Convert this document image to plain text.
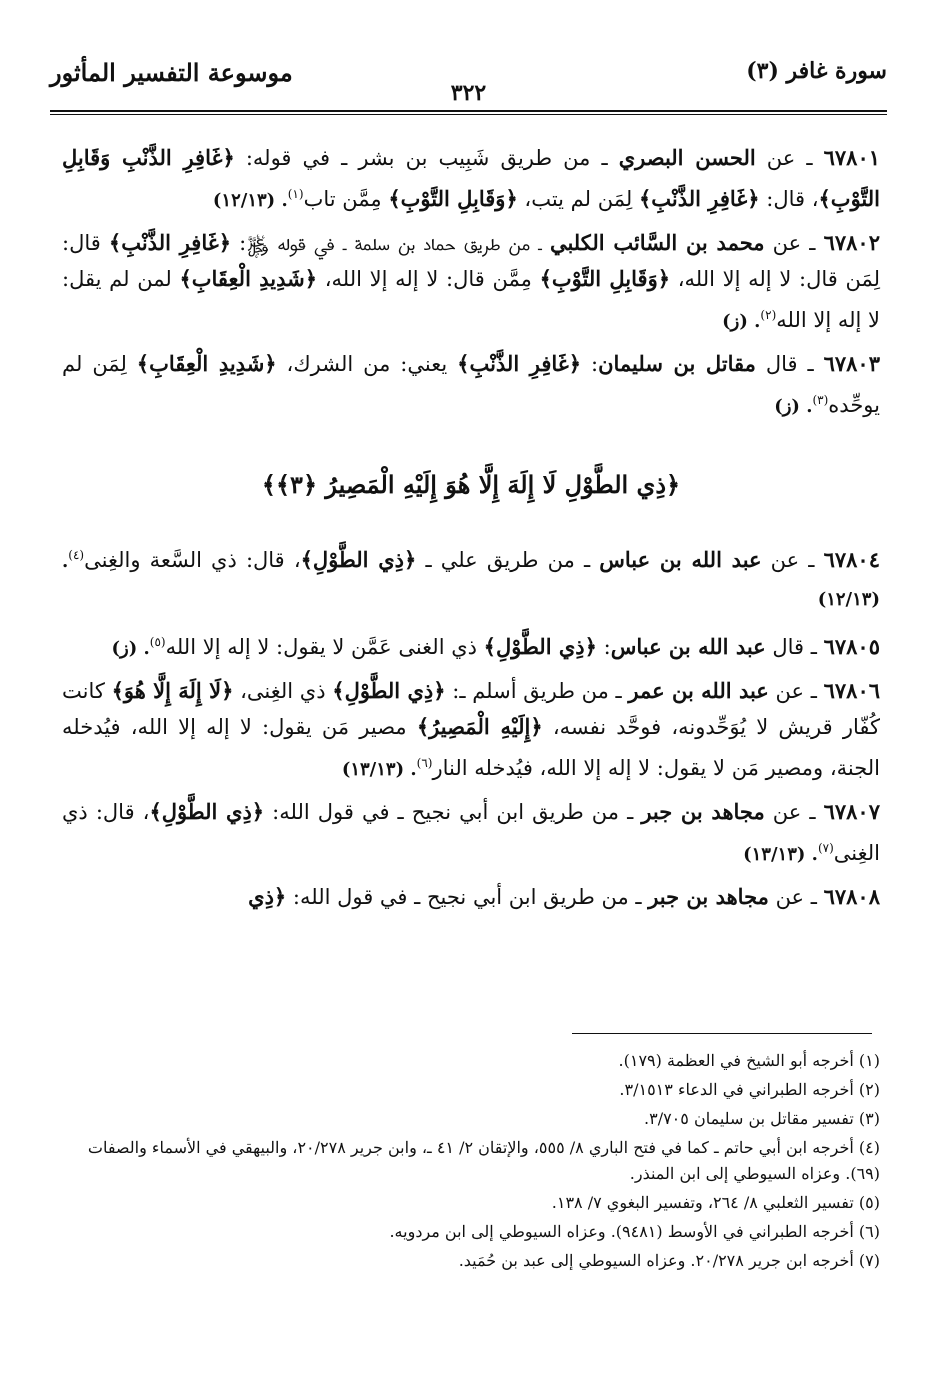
موسوعة التفسير المأثور	سورة غافر (٣)
٣٢٢

٦٧٨٠١ ـ عن الحسن البصري ـ من طريق شَبِيب بن بشر ـ في قوله: ﴿غَافِرِ الذَّنْبِ وَقَابِلِ التَّوْبِ﴾، قال: ﴿غَافِرِ الذَّنْبِ﴾ لِمَن لم يتب، ﴿وَقَابِلِ التَّوْبِ﴾ مِمَّن تاب$^{(١)}$. (١٢/١٣)

٦٧٨٠٢ ـ عن محمد بن السَّائب الكلبي ـ من طريق حماد بن سلمة ـ في قوله ﷿: ﴿غَافِرِ الذَّنْبِ﴾ قال: لِمَن قال: لا إله إلا الله، ﴿وَقَابِلِ التَّوْبِ﴾ مِمَّن قال: لا إله إلا الله، ﴿شَدِيدِ الْعِقَابِ﴾ لمن لم يقل: لا إله إلا الله$^{(٢)}$. (ز)

٦٧٨٠٣ ـ قال مقاتل بن سليمان: ﴿غَافِرِ الذَّنْبِ﴾ يعني: من الشرك، ﴿شَدِيدِ الْعِقَابِ﴾ لِمَن لم يوحِّده$^{(٣)}$. (ز)

﴿ذِي الطَّوْلِ لَا إِلَهَ إِلَّا هُوَ إِلَيْهِ الْمَصِيرُ ﴿٣﴾﴾

٦٧٨٠٤ ـ عن عبد الله بن عباس ـ من طريق علي ـ ﴿ذِي الطَّوْلِ﴾، قال: ذي السَّعة والغِنى$^{(٤)}$. (١٢/١٣)

٦٧٨٠٥ ـ قال عبد الله بن عباس: ﴿ذِي الطَّوْلِ﴾ ذي الغنى عَمَّن لا يقول: لا إله إلا الله$^{(٥)}$. (ز)

٦٧٨٠٦ ـ عن عبد الله بن عمر ـ من طريق أسلم ـ: ﴿ذِي الطَّوْلِ﴾ ذي الغِنى، ﴿لَا إِلَهَ إِلَّا هُوَ﴾ كانت كُفّار قريش لا يُوَحِّدونه، فوحَّد نفسه، ﴿إِلَيْهِ الْمَصِيرُ﴾ مصير مَن يقول: لا إله إلا الله، فيُدخله الجنة، ومصير مَن لا يقول: لا إله إلا الله، فيُدخله النار$^{(٦)}$. (١٣/١٣)

٦٧٨٠٧ ـ عن مجاهد بن جبر ـ من طريق ابن أبي نجيح ـ في قول الله: ﴿ذِي الطَّوْلِ﴾، قال: ذي الغِنى$^{(٧)}$. (١٣/١٣)

٦٧٨٠٨ ـ عن مجاهد بن جبر ـ من طريق ابن أبي نجيح ـ في قول الله: ﴿ذِي

(١) أخرجه أبو الشيخ في العظمة (١٧٩).

(٢) أخرجه الطبراني في الدعاء ٣/١٥١٣.

(٣) تفسير مقاتل بن سليمان ٣/٧٠٥.

(٤) أخرجه ابن أبي حاتم ـ كما في فتح الباري ٨/ ٥٥٥، والإتقان ٢/ ٤١ ـ، وابن جرير ٢٠/٢٧٨، والبيهقي في الأسماء والصفات (٦٩). وعزاه السيوطي إلى ابن المنذر.

(٥) تفسير الثعلبي ٨/ ٢٦٤، وتفسير البغوي ٧/ ١٣٨.

(٦) أخرجه الطبراني في الأوسط (٩٤٨١). وعزاه السيوطي إلى ابن مردويه.

(٧) أخرجه ابن جرير ٢٠/٢٧٨. وعزاه السيوطي إلى عبد بن حُمَيد.
